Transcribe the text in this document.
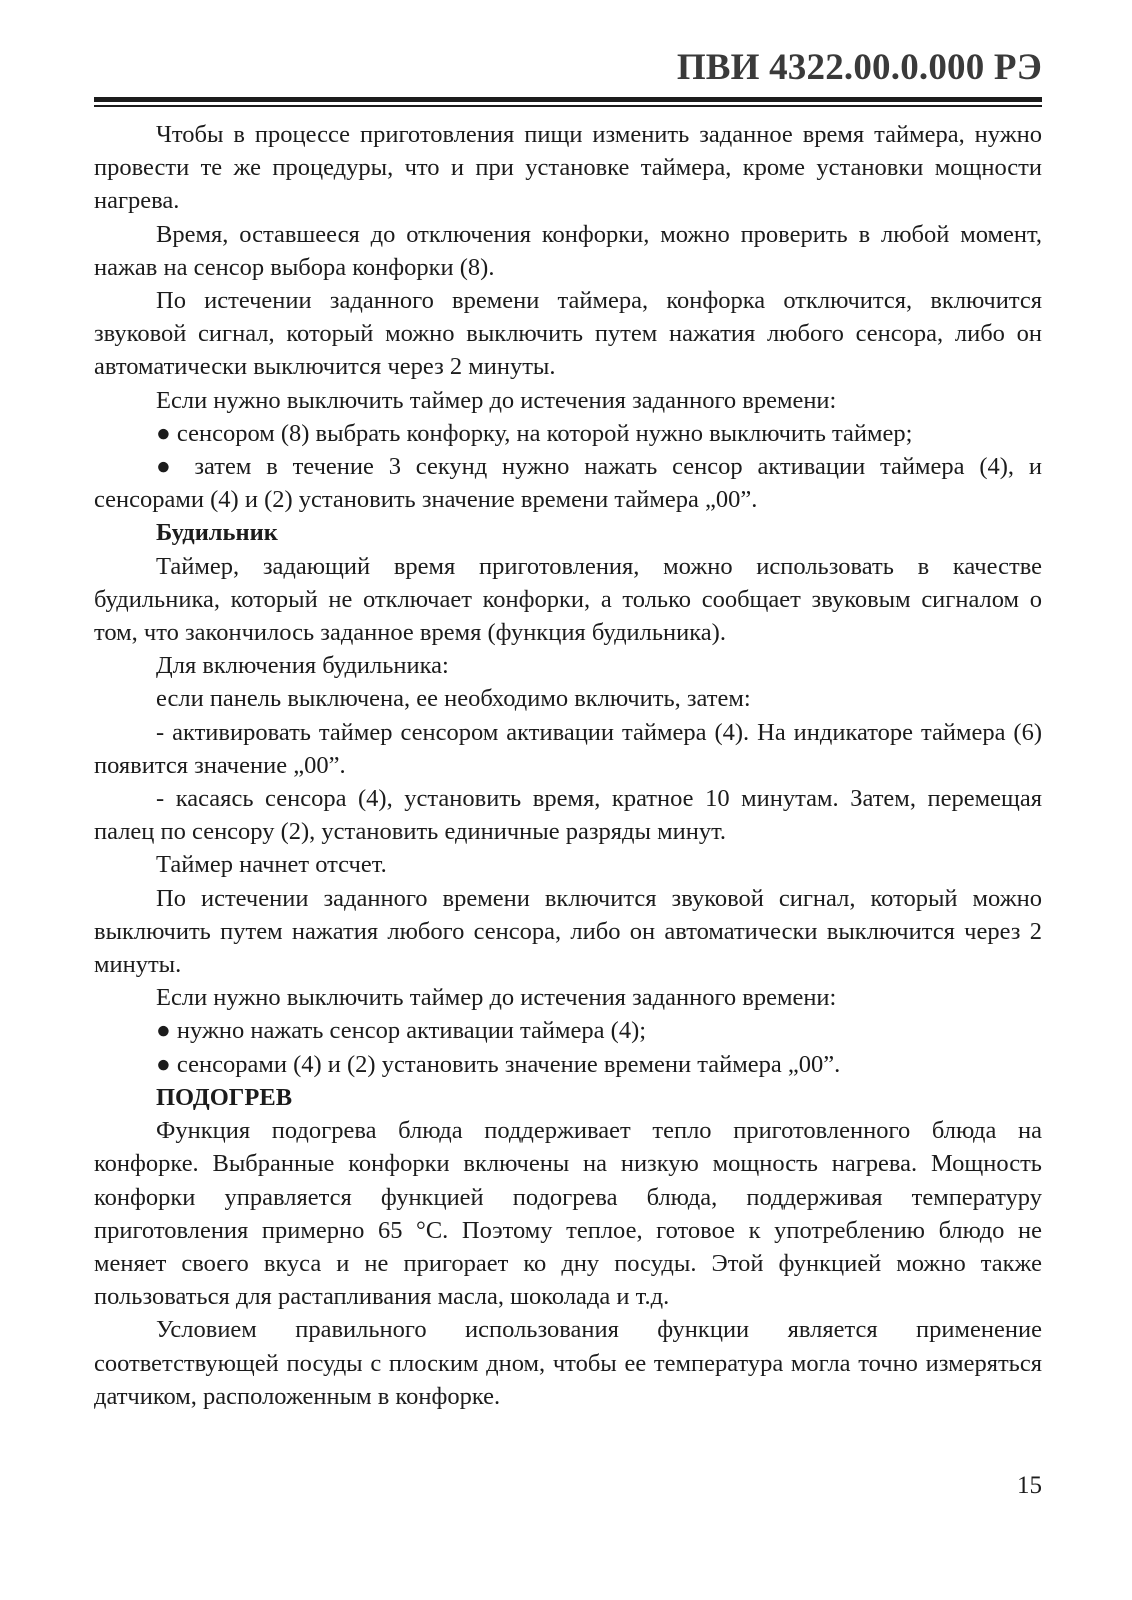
ПВИ 4322.00.0.000 РЭ

Чтобы в процессе приготовления пищи изменить заданное время таймера, нужно провести те же процедуры, что и при установке таймера, кроме установки мощности нагрева.

Время, оставшееся до отключения конфорки, можно проверить в любой момент, нажав на сенсор выбора конфорки (8).

По истечении заданного времени таймера, конфорка отключится, включится звуковой сигнал, который можно выключить путем нажатия любого сенсора, либо он автоматически выключится через 2 минуты.

Если нужно выключить таймер до истечения заданного времени:

● сенсором (8) выбрать конфорку, на которой нужно выключить таймер;

● затем в течение 3 секунд нужно нажать сенсор активации таймера (4), и сенсорами (4) и (2) установить значение времени таймера „00”.

Будильник

Таймер, задающий время приготовления, можно использовать в качестве будильника, который не отключает конфорки, а только сообщает звуковым сигналом о том, что закончилось заданное время (функция будильника).

Для включения будильника:

если панель выключена, ее необходимо включить, затем:

- активировать таймер сенсором активации таймера (4). На индикаторе таймера (6) появится значение „00”.

- касаясь сенсора (4), установить время, кратное 10 минутам. Затем, перемещая палец по сенсору (2), установить единичные разряды минут.

Таймер начнет отсчет.

По истечении заданного времени включится звуковой сигнал, который можно выключить путем нажатия любого сенсора, либо он автоматически выключится через 2 минуты.

Если нужно выключить таймер до истечения заданного времени:

● нужно нажать сенсор активации таймера (4);

● сенсорами (4) и (2) установить значение времени таймера „00”.

ПОДОГРЕВ

Функция подогрева блюда поддерживает тепло приготовленного блюда на конфорке. Выбранные конфорки включены на низкую мощность нагрева. Мощность конфорки управляется функцией подогрева блюда, поддерживая температуру приготовления примерно 65 °C. Поэтому теплое, готовое к употреблению блюдо не меняет своего вкуса и не пригорает ко дну посуды. Этой функцией можно также пользоваться для растапливания масла, шоколада и т.д.

Условием правильного использования функции является применение соответствующей посуды с плоским дном, чтобы ее температура могла точно измеряться датчиком, расположенным в конфорке.

15
